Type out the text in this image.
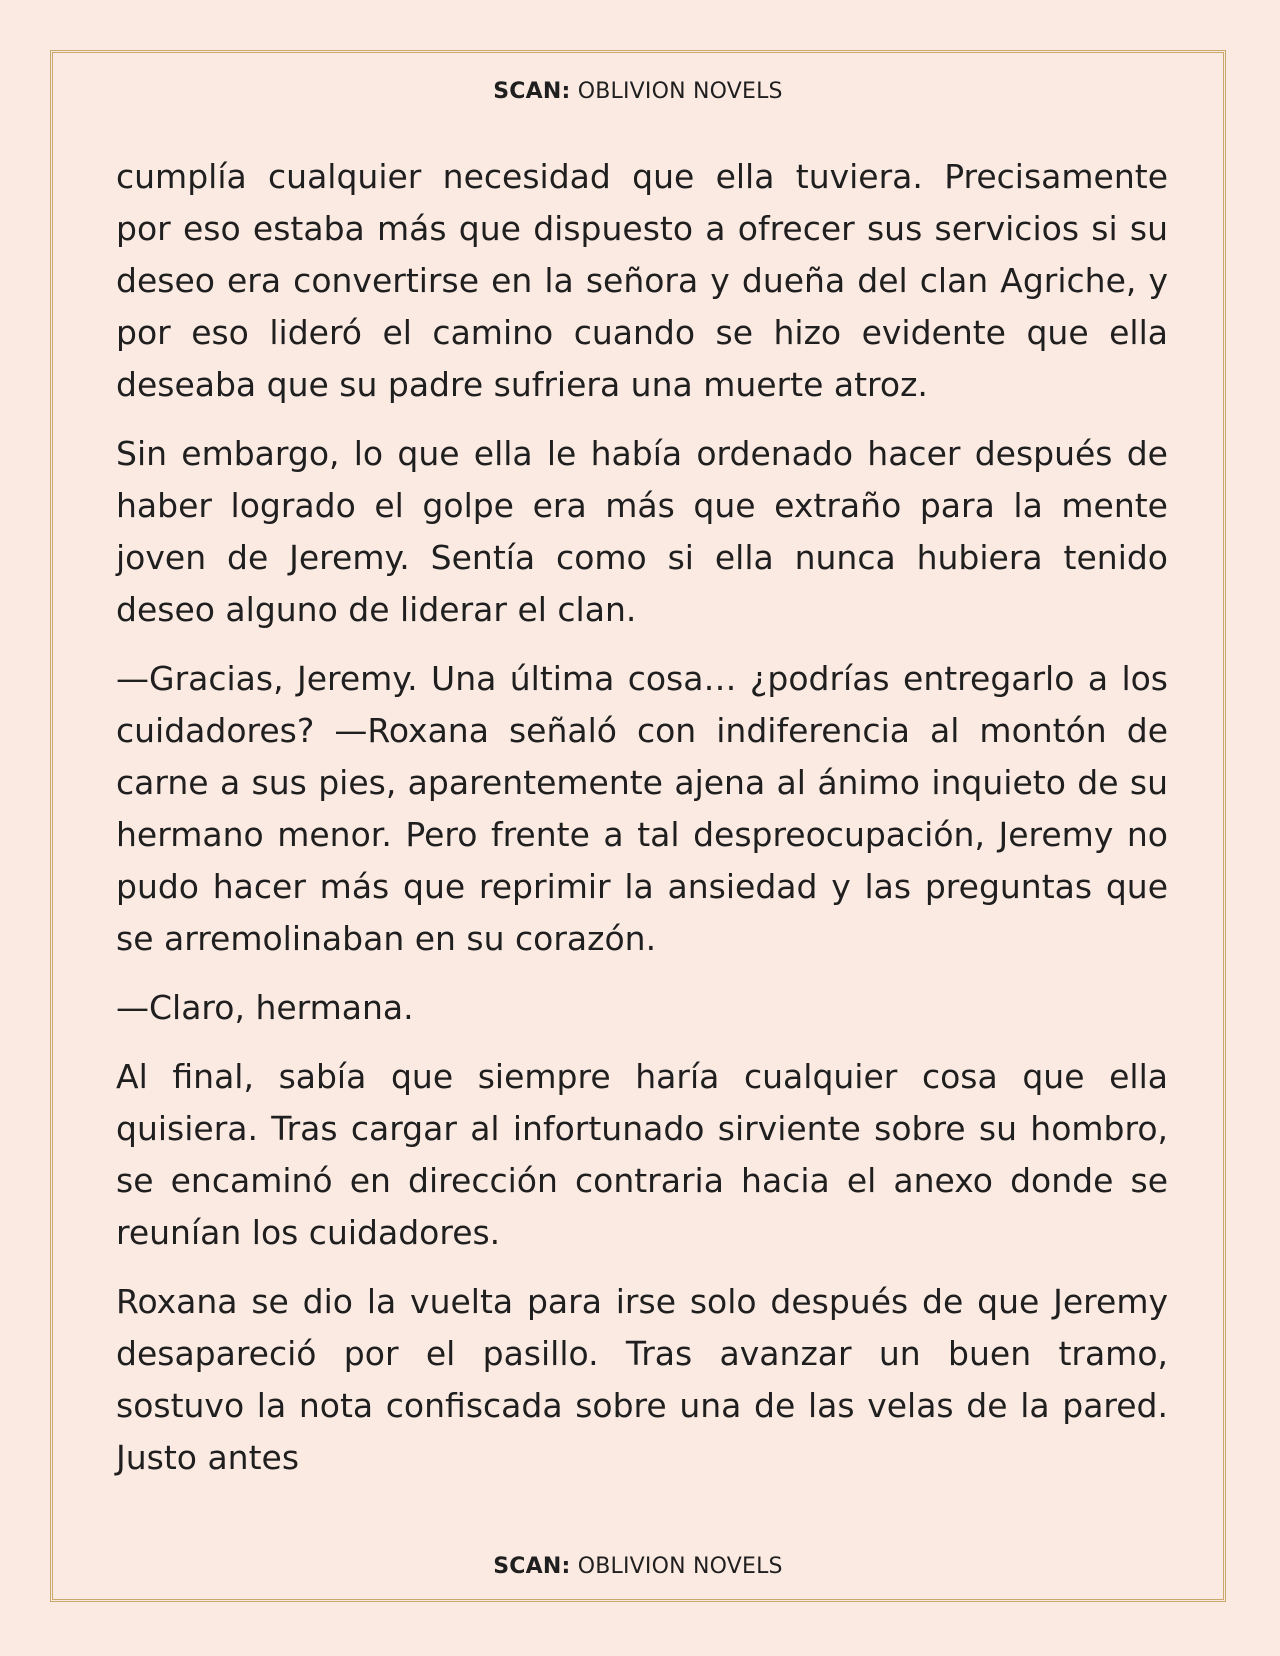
SCAN: OBLIVION NOVELS

cumplía cualquier necesidad que ella tuviera. Precisamente por eso estaba más que dispuesto a ofrecer sus servicios si su deseo era convertirse en la señora y dueña del clan Agriche, y por eso lideró el camino cuando se hizo evidente que ella deseaba que su padre sufriera una muerte atroz.

Sin embargo, lo que ella le había ordenado hacer después de haber logrado el golpe era más que extraño para la mente joven de Jeremy. Sentía como si ella nunca hubiera tenido deseo alguno de liderar el clan.

—Gracias, Jeremy. Una última cosa… ¿podrías entregarlo a los cuidadores? —Roxana señaló con indiferencia al montón de carne a sus pies, aparentemente ajena al ánimo inquieto de su hermano menor. Pero frente a tal despreocupación, Jeremy no pudo hacer más que reprimir la ansiedad y las preguntas que se arremolinaban en su corazón.

—Claro, hermana.

Al final, sabía que siempre haría cualquier cosa que ella quisiera. Tras cargar al infortunado sirviente sobre su hombro, se encaminó en dirección contraria hacia el anexo donde se reunían los cuidadores.

Roxana se dio la vuelta para irse solo después de que Jeremy desapareció por el pasillo. Tras avanzar un buen tramo, sostuvo la nota confiscada sobre una de las velas de la pared. Justo antes

SCAN: OBLIVION NOVELS
